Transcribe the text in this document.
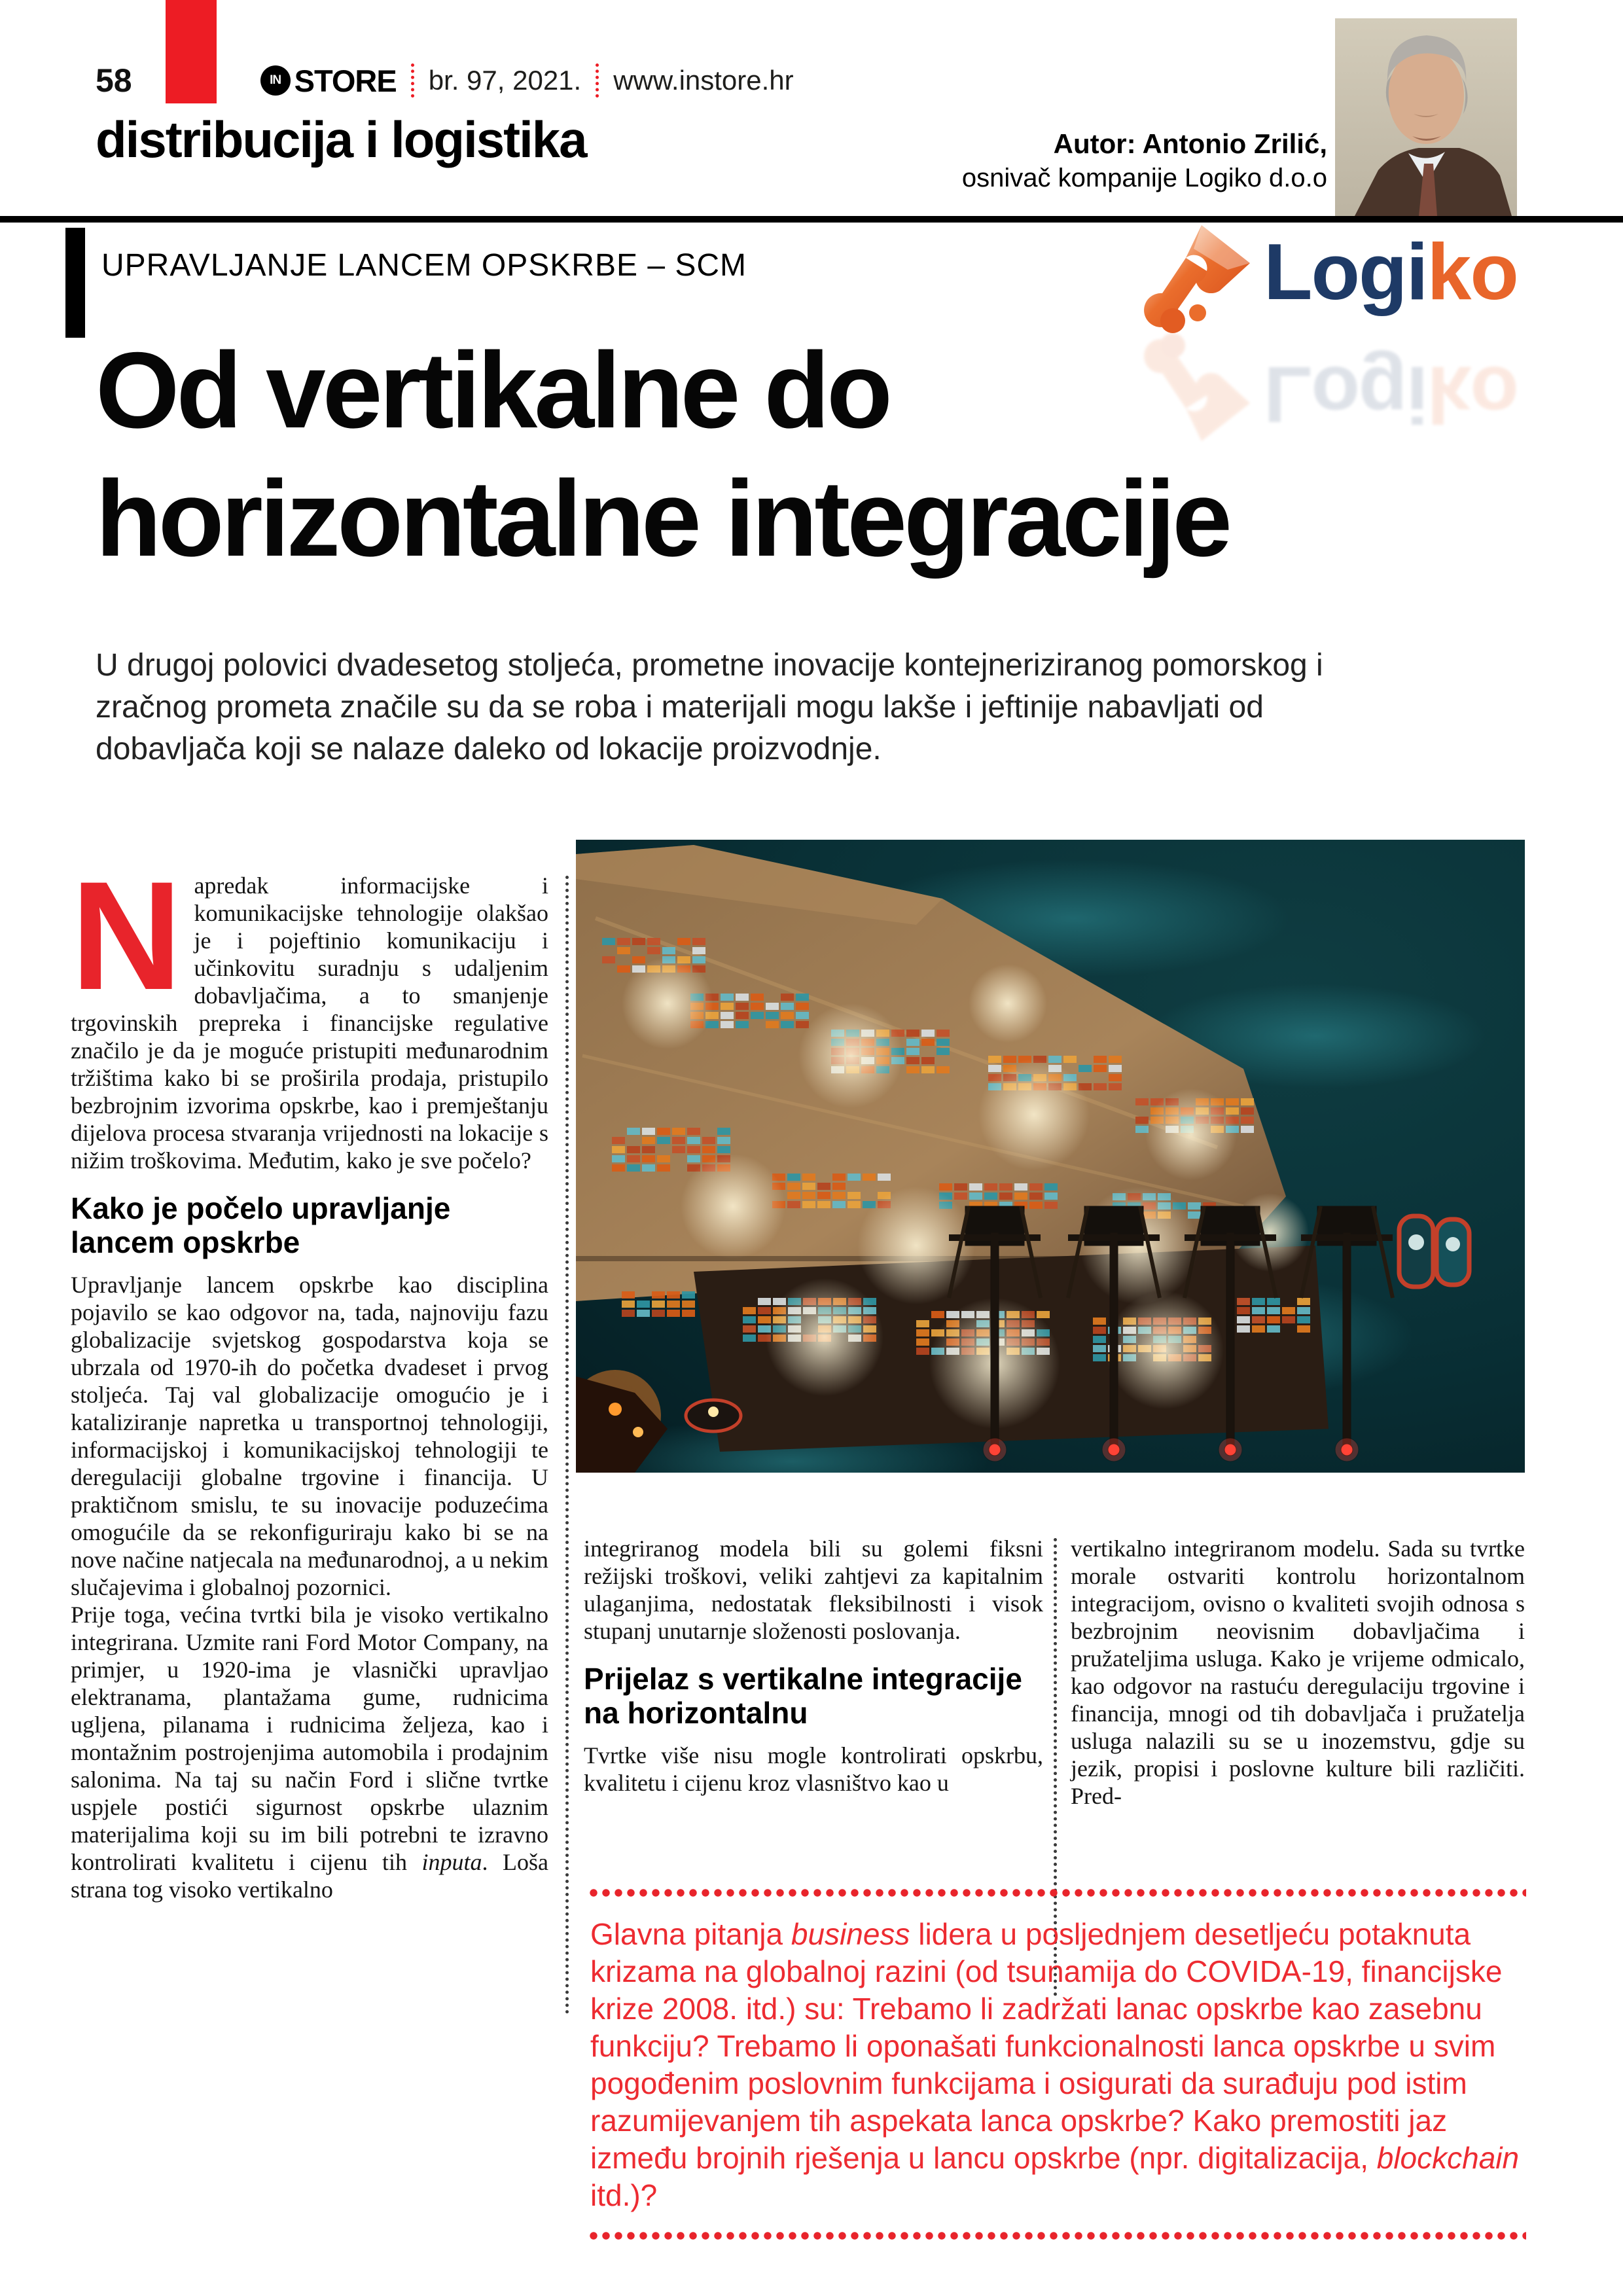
58	IN STORE br. 97, 2021. www.instore.hr
distribucija i logistika	Autor: Antonio Zrilić,
osnivač kompanije Logiko d.o.o
UPRAVLJANJE LANCEM OPSKRBE – SCM	Logiko
Logiko
Od vertikalne do
horizontalne integracije
U drugoj polovici dvadesetog stoljeća, prometne inovacije kontejneriziranog pomorskog i zračnog prometa značile su da se roba i materijali mogu lakše i jeftinije nabavljati od dobavljača koji se nalaze daleko od lokacije proizvodnje.

Napredak informacijske i komunikacijske tehnologije olakšao je i pojeftinio komunikaciju i učinkovitu suradnju s udaljenim dobavljačima, a to smanjenje trgovinskih prepreka i financijske regulative značilo je da je moguće pristupiti međunarodnim tržištima kako bi se proširila prodaja, pristupilo bezbrojnim izvorima opskrbe, kao i premještanju dijelova procesa stvaranja vrijednosti na lokacije s nižim troškovima. Međutim, kako je sve počelo?

Kako je počelo upravljanje
lancem opskrbe

Upravljanje lancem opskrbe kao disciplina pojavilo se kao odgovor na, tada, najnoviju fazu globalizacije svjetskog gospodarstva koja se ubrzala od 1970-ih do početka dvadeset i prvog stoljeća. Taj val globalizacije omogućio je i kataliziranje napretka u transportnoj tehnologiji, informacijskoj i komunikacijskoj tehnologiji te deregulaciji globalne trgovine i financija. U praktičnom smislu, te su inovacije poduzećima omogućile da se rekonfiguriraju kako bi se na nove načine natjecala na međunarodnoj, a u nekim slučajevima i globalnoj pozornici.

Prije toga, većina tvrtki bila je visoko vertikalno integrirana. Uzmite rani Ford Motor Company, na primjer, u 1920-ima je vlasnički upravljao elektranama, plantažama gume, rudnicima ugljena, pilanama i rudnicima željeza, kao i montažnim postrojenjima automobila i prodajnim salonima. Na taj su način Ford i slične tvrtke uspjele postići sigurnost opskrbe ulaznim materijalima koji su im bili potrebni te izravno kontrolirati kvalitetu i cijenu tih inputa. Loša strana tog visoko vertikalno

integriranog modela bili su golemi fiksni režijski troškovi, veliki zahtjevi za kapitalnim ulaganjima, nedostatak fleksibilnosti i visok stupanj unutarnje složenosti poslovanja.

Prijelaz s vertikalne integracije
na horizontalnu

Tvrtke više nisu mogle kontrolirati opskrbu, kvalitetu i cijenu kroz vlasništvo kao u

vertikalno integriranom modelu. Sada su tvrtke morale ostvariti kontrolu horizontalnom integracijom, ovisno o kvaliteti svojih odnosa s bezbrojnim neovisnim dobavljačima i pružateljima usluga. Kako je vrijeme odmicalo, kao odgovor na rastuću deregulaciju trgovine i financija, mnogi od tih dobavljača i pružatelja usluga nalazili su se u inozemstvu, gdje su jezik, propisi i poslovne kulture bili različiti. Pred-

Glavna pitanja business lidera u posljednjem desetljeću potaknuta krizama na globalnoj razini (od tsunamija do COVIDA-19, financijske krize 2008. itd.) su: Trebamo li zadržati lanac opskrbe kao zasebnu funkciju? Trebamo li oponašati funkcionalnosti lanca opskrbe u svim pogođenim poslovnim funkcijama i osigurati da surađuju pod istim razumijevanjem tih aspekata lanca opskrbe? Kako premostiti jaz između brojnih rješenja u lancu opskrbe (npr. digitalizacija, blockchain itd.)?
